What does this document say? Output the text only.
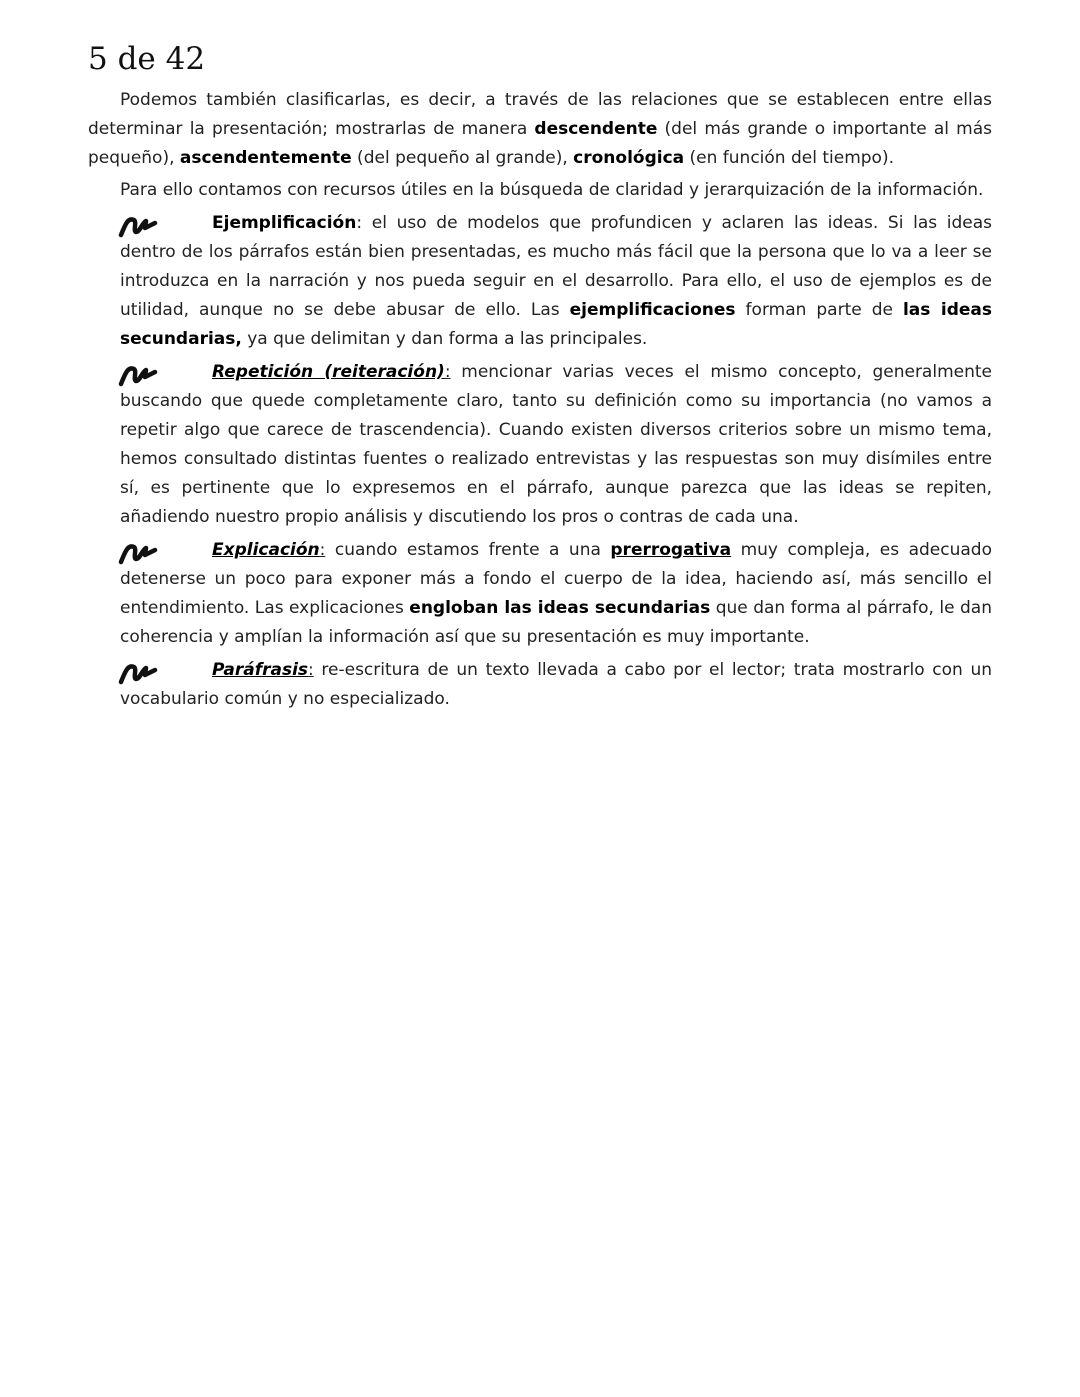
5 de 42

Podemos también clasificarlas, es decir, a través de las relaciones que se establecen entre ellas determinar la presentación; mostrarlas de manera descendente (del más grande o importante al más pequeño), ascendentemente (del pequeño al grande), cronológica (en función del tiempo).

Para ello contamos con recursos útiles en la búsqueda de claridad y jerarquización de la información.

Ejemplificación: el uso de modelos que profundicen y aclaren las ideas. Si las ideas dentro de los párrafos están bien presentadas, es mucho más fácil que la persona que lo va a leer se introduzca en la narración y nos pueda seguir en el desarrollo. Para ello, el uso de ejemplos es de utilidad, aunque no se debe abusar de ello. Las ejemplificaciones forman parte de las ideas secundarias, ya que delimitan y dan forma a las principales.

Repetición (reiteración): mencionar varias veces el mismo concepto, generalmente buscando que quede completamente claro, tanto su definición como su importancia (no vamos a repetir algo que carece de trascendencia). Cuando existen diversos criterios sobre un mismo tema, hemos consultado distintas fuentes o realizado entrevistas y las respuestas son muy disímiles entre sí, es pertinente que lo expresemos en el párrafo, aunque parezca que las ideas se repiten, añadiendo nuestro propio análisis y discutiendo los pros o contras de cada una.

Explicación: cuando estamos frente a una prerrogativa muy compleja, es adecuado detenerse un poco para exponer más a fondo el cuerpo de la idea, haciendo así, más sencillo el entendimiento. Las explicaciones engloban las ideas secundarias que dan forma al párrafo, le dan coherencia y amplían la información así que su presentación es muy importante.

Paráfrasis: re-escritura de un texto llevada a cabo por el lector; trata mostrarlo con un vocabulario común y no especializado.
